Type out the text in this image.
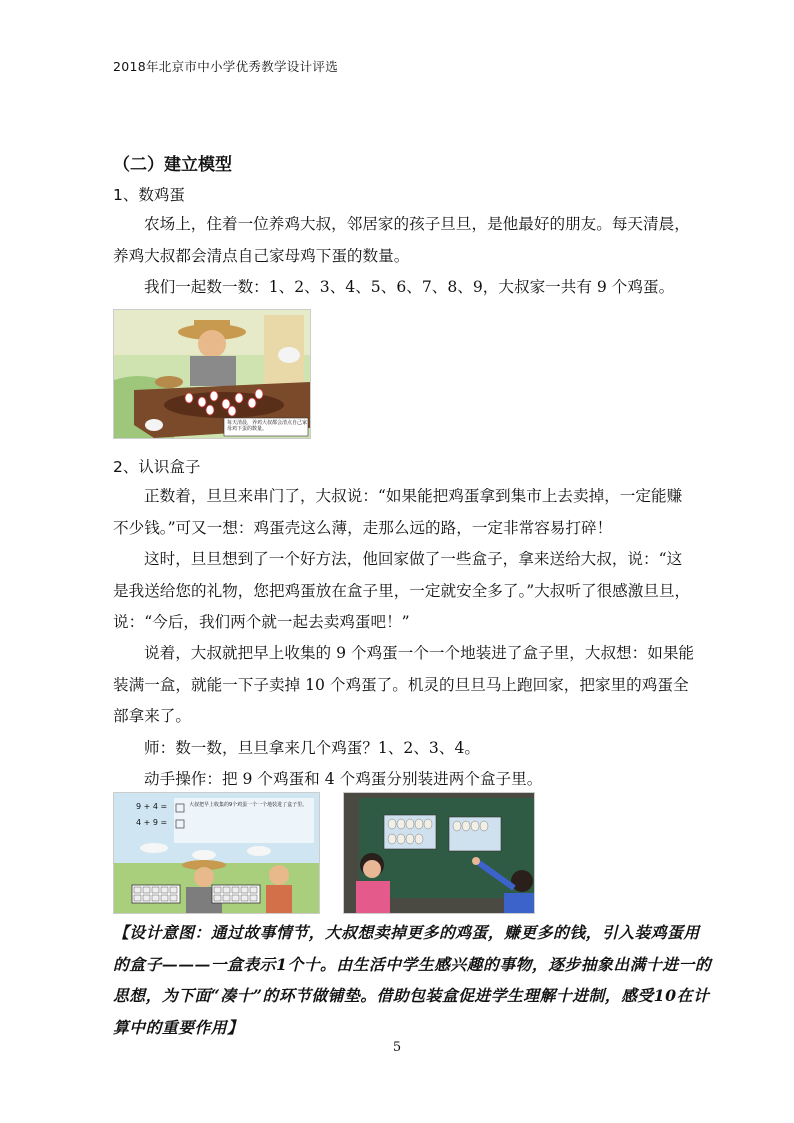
2018年北京市中小学优秀教学设计评选
（二）建立模型
1、数鸡蛋

农场上，住着一位养鸡大叔，邻居家的孩子旦旦，是他最好的朋友。每天清晨，养鸡大叔都会清点自己家母鸡下蛋的数量。

我们一起数一数：1、2、3、4、5、6、7、8、9，大叔家一共有 9 个鸡蛋。

每天清晨，养鸡大叔都会清点自己家母鸡下蛋的数量。
2、认识盒子

正数着，旦旦来串门了，大叔说：“如果能把鸡蛋拿到集市上去卖掉，一定能赚不少钱。”可又一想：鸡蛋壳这么薄，走那么远的路，一定非常容易打碎！

这时，旦旦想到了一个好方法，他回家做了一些盒子，拿来送给大叔，说：“这是我送给您的礼物，您把鸡蛋放在盒子里，一定就安全多了。”大叔听了很感激旦旦，说：“今后，我们两个就一起去卖鸡蛋吧！”

说着，大叔就把早上收集的 9 个鸡蛋一个一个地装进了盒子里，大叔想：如果能装满一盒，就能一下子卖掉 10 个鸡蛋了。机灵的旦旦马上跑回家，把家里的鸡蛋全部拿来了。

师：数一数，旦旦拿来几个鸡蛋？1、2、3、4。

动手操作：把 9 个鸡蛋和 4 个鸡蛋分别装进两个盒子里。

9 + 4 =
4 + 9 =
大叔把早上收集的9个鸡蛋一个一个地装进了盒子里。
【设计意图：通过故事情节，大叔想卖掉更多的鸡蛋，赚更多的钱，引入装鸡蛋用的盒子———一盒表示1个十。由生活中学生感兴趣的事物，逐步抽象出满十进一的思想，为下面“凑十”的环节做铺垫。借助包装盒促进学生理解十进制，感受10在计算中的重要作用】
5
